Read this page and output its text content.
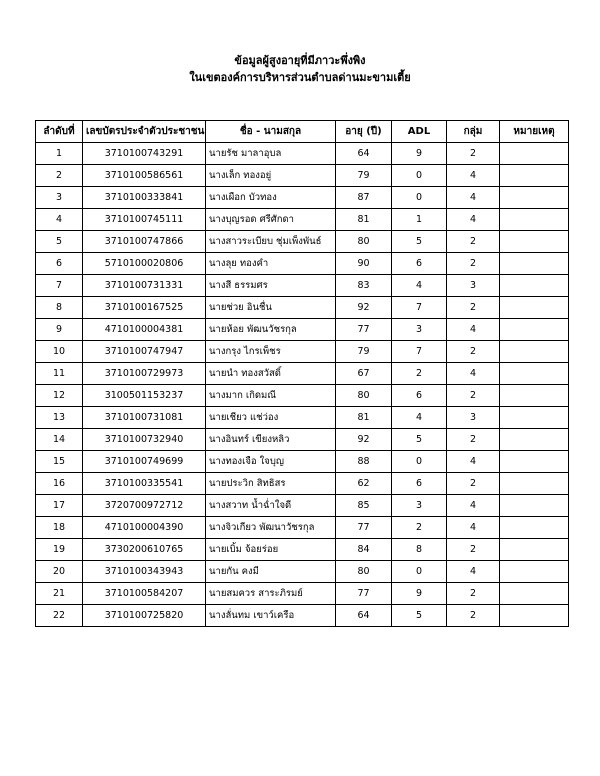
ข้อมูลผู้สูงอายุที่มีภาวะพึ่งพิง

ในเขตองค์การบริหารส่วนตำบลด่านมะขามเตี้ย

ลำดับที่	เลขบัตรประจำตัวประชาชน	ชื่อ - นามสกุล	อายุ (ปี)	ADL	กลุ่ม	หมายเหตุ
1	3710100743291	นายรัช มาลาอุบล	64	9	2	
2	3710100586561	นางเล็ก ทองอยู่	79	0	4	
3	3710100333841	นางเผือก บัวทอง	87	0	4	
4	3710100745111	นางบุญรอด ศรีศักดา	81	1	4	
5	3710100747866	นางสาวระเบียบ ชุ่มเพ็งพันธ์	80	5	2	
6	5710100020806	นางลุย ทองคำ	90	6	2	
7	3710100731331	นางสี ธรรมศร	83	4	3	
8	3710100167525	นายช่วย อินชื่น	92	7	2	
9	4710100004381	นายห้อย พัฒนวัชรกุล	77	3	4	
10	3710100747947	นางกรุง ไกรเพ็ชร	79	7	2	
11	3710100729973	นายนำ ทองสวัสดิ์	67	2	4	
12	3100501153237	นางมาก เกิดมณี	80	6	2	
13	3710100731081	นายเชียว แช่ว่อง	81	4	3	
14	3710100732940	นางอินทร์ เขียงหลิว	92	5	2	
15	3710100749699	นางทองเจือ ใจบุญ	88	0	4	
16	3710100335541	นายประวิก สิทธิสร	62	6	2	
17	3720700972712	นางสวาท น้ำฉ่ำใจดี	85	3	4	
18	4710100004390	นางจิวเกียว พัฒนาวัชรกุล	77	2	4	
19	3730200610765	นายเบิ้ม จ้อยร่อย	84	8	2	
20	3710100343943	นายกัน คงมี	80	0	4	
21	3710100584207	นายสมควร สาระภิรมย์	77	9	2	
22	3710100725820	นางลั่นทม เขาว์เครือ	64	5	2	
